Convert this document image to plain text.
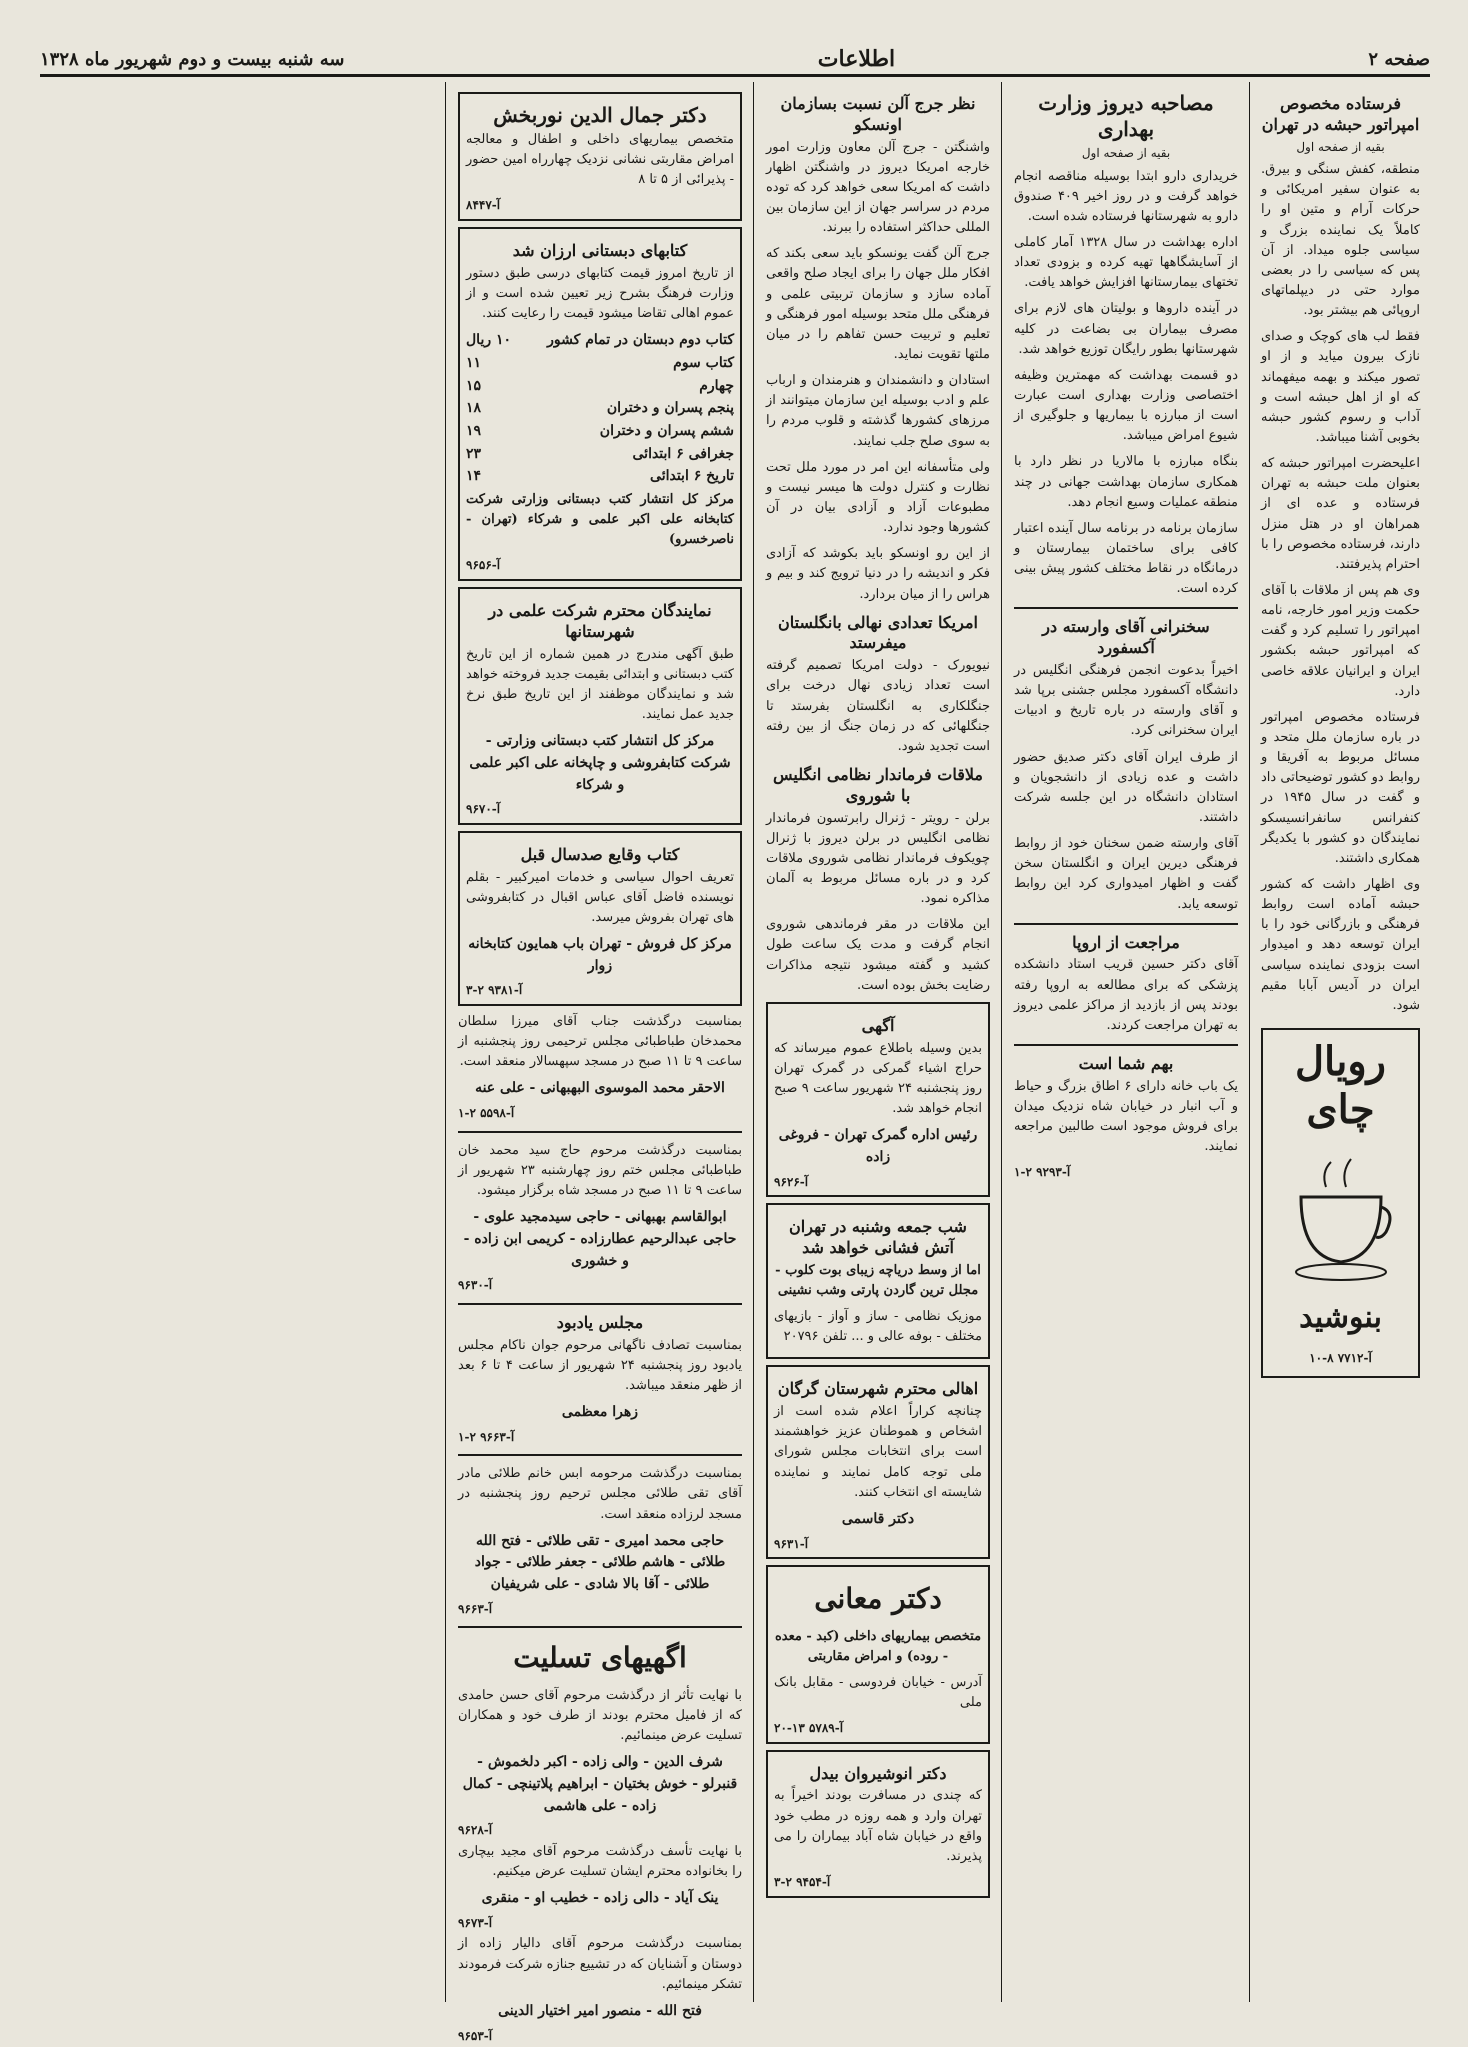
صفحه ۲
اطلاعات
سه شنبه بیست و دوم شهریور ماه ۱۳۲۸
فرستاده مخصوص امپراتور حبشه در تهران
بقیه از صفحه اول

منطقه، کفش سنگی و بیرق. به عنوان سفیر امریکائی و حرکات آرام و متین او را کاملاً یک نماینده بزرگ و سیاسی جلوه میداد. از آن پس که سیاسی را در بعضی موارد حتی در دیپلماتهای اروپائی هم بیشتر بود.

فقط لب های کوچک و صدای نازک بیرون میاید و از او تصور میکند و بهمه میفهماند که او از اهل حبشه است و آداب و رسوم کشور حبشه بخوبی آشنا میباشد.

اعلیحضرت امپراتور حبشه که بعنوان ملت حبشه به تهران فرستاده و عده ای از همراهان او در هتل منزل دارند، فرستاده مخصوص را با احترام پذیرفتند.

وی هم پس از ملاقات با آقای حکمت وزیر امور خارجه، نامه امپراتور را تسلیم کرد و گفت که امپراتور حبشه بکشور ایران و ایرانیان علاقه خاصی دارد.

فرستاده مخصوص امپراتور در باره سازمان ملل متحد و مسائل مربوط به آفریقا و روابط دو کشور توضیحاتی داد و گفت در سال ۱۹۴۵ در کنفرانس سانفرانسیسکو نمایندگان دو کشور با یکدیگر همکاری داشتند.

وی اظهار داشت که کشور حبشه آماده است روابط فرهنگی و بازرگانی خود را با ایران توسعه دهد و امیدوار است بزودی نماینده سیاسی ایران در آدیس آبابا مقیم شود.

رویال چای
بنوشید
آ-۷۷۱۲ ۸-۱۰
مصاحبه دیروز وزارت بهداری
بقیه از صفحه اول

خریداری دارو ابتدا بوسیله مناقصه انجام خواهد گرفت و در روز اخیر ۴۰۹ صندوق دارو به شهرستانها فرستاده شده است.

اداره بهداشت در سال ۱۳۲۸ آمار کاملی از آسایشگاهها تهیه کرده و بزودی تعداد تختهای بیمارستانها افزایش خواهد یافت.

در آینده داروها و بولیتان های لازم برای مصرف بیماران بی بضاعت در کلیه شهرستانها بطور رایگان توزیع خواهد شد.

دو قسمت بهداشت که مهمترین وظیفه اختصاصی وزارت بهداری است عبارت است از مبارزه با بیماریها و جلوگیری از شیوع امراض میباشد.

بنگاه مبارزه با مالاریا در نظر دارد با همکاری سازمان بهداشت جهانی در چند منطقه عملیات وسیع انجام دهد.

سازمان برنامه در برنامه سال آینده اعتبار کافی برای ساختمان بیمارستان و درمانگاه در نقاط مختلف کشور پیش بینی کرده است.

سخنرانی آقای وارسته در آکسفورد

اخیراً بدعوت انجمن فرهنگی انگلیس در دانشگاه آکسفورد مجلس جشنی برپا شد و آقای وارسته در باره تاریخ و ادبیات ایران سخنرانی کرد.

از طرف ایران آقای دکتر صدیق حضور داشت و عده زیادی از دانشجویان و استادان دانشگاه در این جلسه شرکت داشتند.

آقای وارسته ضمن سخنان خود از روابط فرهنگی دیرین ایران و انگلستان سخن گفت و اظهار امیدواری کرد این روابط توسعه یابد.

مراجعت از اروپا

آقای دکتر حسین قریب استاد دانشکده پزشکی که برای مطالعه به اروپا رفته بودند پس از بازدید از مراکز علمی دیروز به تهران مراجعت کردند.

بهم شما است

یک باب خانه دارای ۶ اطاق بزرگ و حیاط و آب انبار در خیابان شاه نزدیک میدان برای فروش موجود است طالبین مراجعه نمایند.

آ-۹۲۹۳ ۲-۱
نظر جرج آلن نسبت بسازمان اونسکو

واشنگتن - جرج آلن معاون وزارت امور خارجه امریکا دیروز در واشنگتن اظهار داشت که امریکا سعی خواهد کرد که توده مردم در سراسر جهان از این سازمان بین المللی حداکثر استفاده را ببرند.

جرج آلن گفت یونسکو باید سعی بکند که افکار ملل جهان را برای ایجاد صلح واقعی آماده سازد و سازمان تربیتی علمی و فرهنگی ملل متحد بوسیله امور فرهنگی و تعلیم و تربیت حسن تفاهم را در میان ملتها تقویت نماید.

استادان و دانشمندان و هنرمندان و ارباب علم و ادب بوسیله این سازمان میتوانند از مرزهای کشورها گذشته و قلوب مردم را به سوی صلح جلب نمایند.

ولی متأسفانه این امر در مورد ملل تحت نظارت و کنترل دولت ها میسر نیست و مطبوعات آزاد و آزادی بیان در آن کشورها وجود ندارد.

از این رو اونسکو باید بکوشد که آزادی فکر و اندیشه را در دنیا ترویج کند و بیم و هراس را از میان بردارد.

امریکا تعدادی نهالی بانگلستان میفرستد

نیویورک - دولت امریکا تصمیم گرفته است تعداد زیادی نهال درخت برای جنگلکاری به انگلستان بفرستد تا جنگلهائی که در زمان جنگ از بین رفته است تجدید شود.

ملاقات فرماندار نظامی انگلیس با شوروی

برلن - رویتر - ژنرال رابرتسون فرماندار نظامی انگلیس در برلن دیروز با ژنرال چویکوف فرماندار نظامی شوروی ملاقات کرد و در باره مسائل مربوط به آلمان مذاکره نمود.

این ملاقات در مقر فرماندهی شوروی انجام گرفت و مدت یک ساعت طول کشید و گفته میشود نتیجه مذاکرات رضایت بخش بوده است.

آگهی

بدین وسیله باطلاع عموم میرساند که حراج اشیاء گمرکی در گمرک تهران روز پنجشنبه ۲۴ شهریور ساعت ۹ صبح انجام خواهد شد.

رئیس اداره گمرک تهران - فروغی زاده
آ-۹۶۲۶
شب جمعه وشنبه در تهران آتش فشانی خواهد شد

اما از وسط دریاچه زیبای بوت کلوب - مجلل ترین گاردن پارتی وشب نشینی

موزیک نظامی - ساز و آواز - بازیهای مختلف - بوفه عالی و ... تلفن ۲۰۷۹۶

اهالی محترم شهرستان گرگان

چنانچه کراراً اعلام شده است از اشخاص و هموطنان عزیز خواهشمند است برای انتخابات مجلس شورای ملی توجه کامل نمایند و نماینده شایسته ای انتخاب کنند.

دکتر قاسمی
آ-۹۶۳۱
دکتر معانی

متخصص بیماریهای داخلی (کبد - معده - روده) و امراض مقاربتی

آدرس - خیابان فردوسی - مقابل بانک ملی

آ-۵۷۸۹ ۱۳-۲۰
دکتر انوشیروان بیدل

که چندی در مسافرت بودند اخیراً به تهران وارد و همه روزه در مطب خود واقع در خیابان شاه آباد بیماران را می پذیرند.

آ-۹۴۵۴ ۲-۳
دکتر جمال الدین نوربخش

متخصص بیماریهای داخلی و اطفال و معالجه امراض مقاربتی نشانی نزدیک چهارراه امین حضور - پذیرائی از ۵ تا ۸

آ-۸۴۴۷
کتابهای دبستانی ارزان شد

از تاریخ امروز قیمت کتابهای درسی طبق دستور وزارت فرهنگ بشرح زیر تعیین شده است و از عموم اهالی تقاضا میشود قیمت را رعایت کنند.

کتاب دوم دبستان در تمام کشور
۱۰ ریال
کتاب سوم
۱۱
چهارم
۱۵
پنجم پسران و دختران
۱۸
ششم پسران و دختران
۱۹
جغرافی ۶ ابتدائی
۲۳
تاریخ ۶ ابتدائی
۱۴

مرکز کل انتشار کتب دبستانی وزارتی شرکت کتابخانه علی اکبر علمی و شرکاء (تهران - ناصرخسرو)

آ-۹۶۵۶
نمایندگان محترم شرکت علمی در شهرستانها

طبق آگهی مندرج در همین شماره از این تاریخ کتب دبستانی و ابتدائی بقیمت جدید فروخته خواهد شد و نمایندگان موظفند از این تاریخ طبق نرخ جدید عمل نمایند.

مرکز کل انتشار کتب دبستانی وزارتی - شرکت کتابفروشی و چاپخانه علی اکبر علمی و شرکاء
آ-۹۶۷۰
کتاب وقایع صدسال قبل

تعریف احوال سیاسی و خدمات امیرکبیر - بقلم نویسنده فاضل آقای عباس اقبال در کتابفروشی های تهران بفروش میرسد.

مرکز کل فروش - تهران باب همایون کتابخانه زوار
آ-۹۳۸۱ ۲-۳

بمناسبت درگذشت جناب آقای میرزا سلطان محمدخان طباطبائی مجلس ترحیمی روز پنجشنبه از ساعت ۹ تا ۱۱ صبح در مسجد سپهسالار منعقد است.

الاحقر محمد الموسوی البهبهانی - علی عنه
آ-۵۵۹۸ ۲-۱

بمناسبت درگذشت مرحوم حاج سید محمد خان طباطبائی مجلس ختم روز چهارشنبه ۲۳ شهریور از ساعت ۹ تا ۱۱ صبح در مسجد شاه برگزار میشود.

ابوالقاسم بهبهانی - حاجی سیدمجید علوی - حاجی عبدالرحیم عطارزاده - کریمی ابن زاده - و خشوری
آ-۹۶۳۰
مجلس یادبود

بمناسبت تصادف ناگهانی مرحوم جوان ناکام مجلس یادبود روز پنجشنبه ۲۴ شهریور از ساعت ۴ تا ۶ بعد از ظهر منعقد میباشد.

زهرا معظمی
آ-۹۶۶۳ ۲-۱

بمناسبت درگذشت مرحومه ابس خانم طلائی مادر آقای تقی طلائی مجلس ترحیم روز پنجشنبه در مسجد لرزاده منعقد است.

حاجی محمد امیری - تقی طلائی - فتح الله طلائی - هاشم طلائی - جعفر طلائی - جواد طلائی - آقا بالا شادی - علی شریفیان
آ-۹۶۶۳
اگهیهای تسلیت

با نهایت تأثر از درگذشت مرحوم آقای حسن حامدی که از فامیل محترم بودند از طرف خود و همکاران تسلیت عرض مینمائیم.

شرف الدین - والی زاده - اکبر دلخموش - قنبرلو - خوش بختیان - ابراهیم پلاتینچی - کمال زاده - علی هاشمی
آ-۹۶۲۸

با نهایت تأسف درگذشت مرحوم آقای مجید بیچاری را بخانواده محترم ایشان تسلیت عرض میکنیم.

ینک آیاد - دالی زاده - خطیب او - منقری
آ-۹۶۷۳

بمناسبت درگذشت مرحوم آقای دالیار زاده از دوستان و آشنایان که در تشییع جنازه شرکت فرمودند تشکر مینمائیم.

فتح الله - منصور امیر اختیار الدینی
آ-۹۶۵۳
